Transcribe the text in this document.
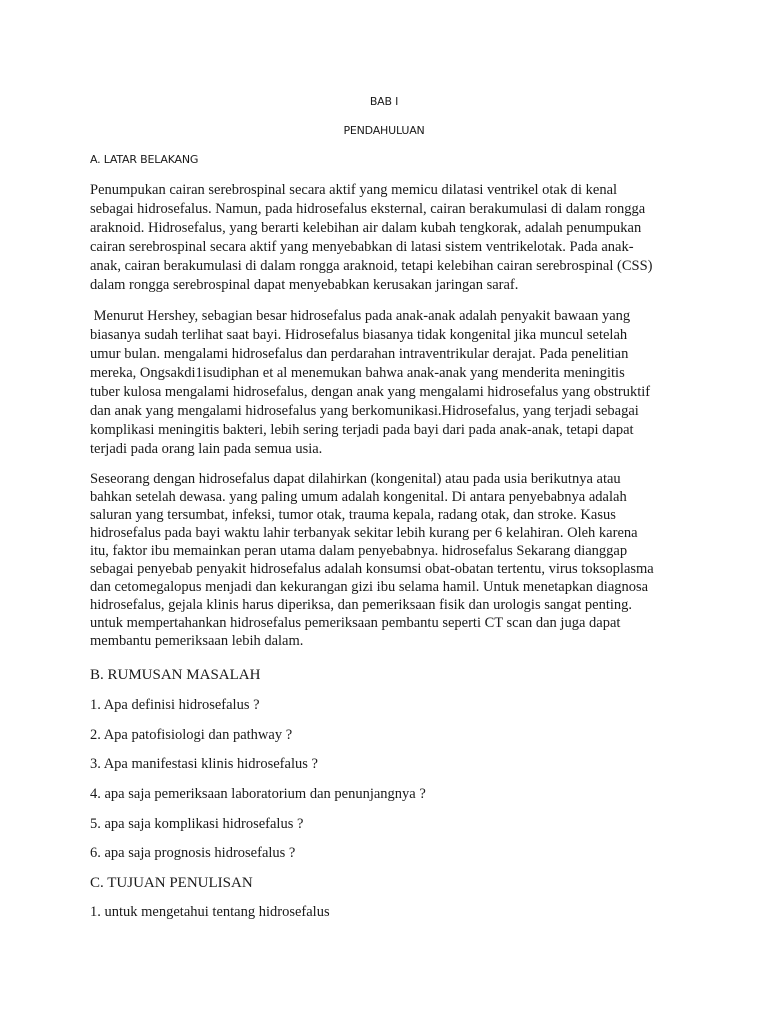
BAB I
PENDAHULUAN
A. LATAR BELAKANG
Penumpukan cairan serebrospinal secara aktif yang memicu dilatasi ventrikel otak di kenal
sebagai hidrosefalus. Namun, pada hidrosefalus eksternal, cairan berakumulasi di dalam rongga
araknoid. Hidrosefalus, yang berarti kelebihan air dalam kubah tengkorak, adalah penumpukan
cairan serebrospinal secara aktif yang menyebabkan di latasi sistem ventrikelotak. Pada anak-
anak, cairan berakumulasi di dalam rongga araknoid, tetapi kelebihan cairan serebrospinal (CSS)
dalam rongga serebrospinal dapat menyebabkan kerusakan jaringan saraf.
Menurut Hershey, sebagian besar hidrosefalus pada anak-anak adalah penyakit bawaan yang
biasanya sudah terlihat saat bayi. Hidrosefalus biasanya tidak kongenital jika muncul setelah
umur bulan. mengalami hidrosefalus dan perdarahan intraventrikular derajat. Pada penelitian
mereka, Ongsakdi1isudiphan et al menemukan bahwa anak-anak yang menderita meningitis
tuber kulosa mengalami hidrosefalus, dengan anak yang mengalami hidrosefalus yang obstruktif
dan anak yang mengalami hidrosefalus yang berkomunikasi.Hidrosefalus, yang terjadi sebagai
komplikasi meningitis bakteri, lebih sering terjadi pada bayi dari pada anak-anak, tetapi dapat
terjadi pada orang lain pada semua usia.
Seseorang dengan hidrosefalus dapat dilahirkan (kongenital) atau pada usia berikutnya atau
bahkan setelah dewasa. yang paling umum adalah kongenital. Di antara penyebabnya adalah
saluran yang tersumbat, infeksi, tumor otak, trauma kepala, radang otak, dan stroke. Kasus
hidrosefalus pada bayi waktu lahir terbanyak sekitar lebih kurang per 6 kelahiran. Oleh karena
itu, faktor ibu memainkan peran utama dalam penyebabnya. hidrosefalus Sekarang dianggap
sebagai penyebab penyakit hidrosefalus adalah konsumsi obat-obatan tertentu, virus toksoplasma
dan cetomegalopus menjadi dan kekurangan gizi ibu selama hamil. Untuk menetapkan diagnosa
hidrosefalus, gejala klinis harus diperiksa, dan pemeriksaan fisik dan urologis sangat penting.
untuk mempertahankan hidrosefalus pemeriksaan pembantu seperti CT scan dan juga dapat
membantu pemeriksaan lebih dalam.
B. RUMUSAN MASALAH
1. Apa definisi hidrosefalus ?
2. Apa patofisiologi dan pathway ?
3. Apa manifestasi klinis hidrosefalus ?
4. apa saja pemeriksaan laboratorium dan penunjangnya ?
5. apa saja komplikasi hidrosefalus ?
6. apa saja prognosis hidrosefalus ?
C. TUJUAN PENULISAN
1. untuk mengetahui tentang hidrosefalus
